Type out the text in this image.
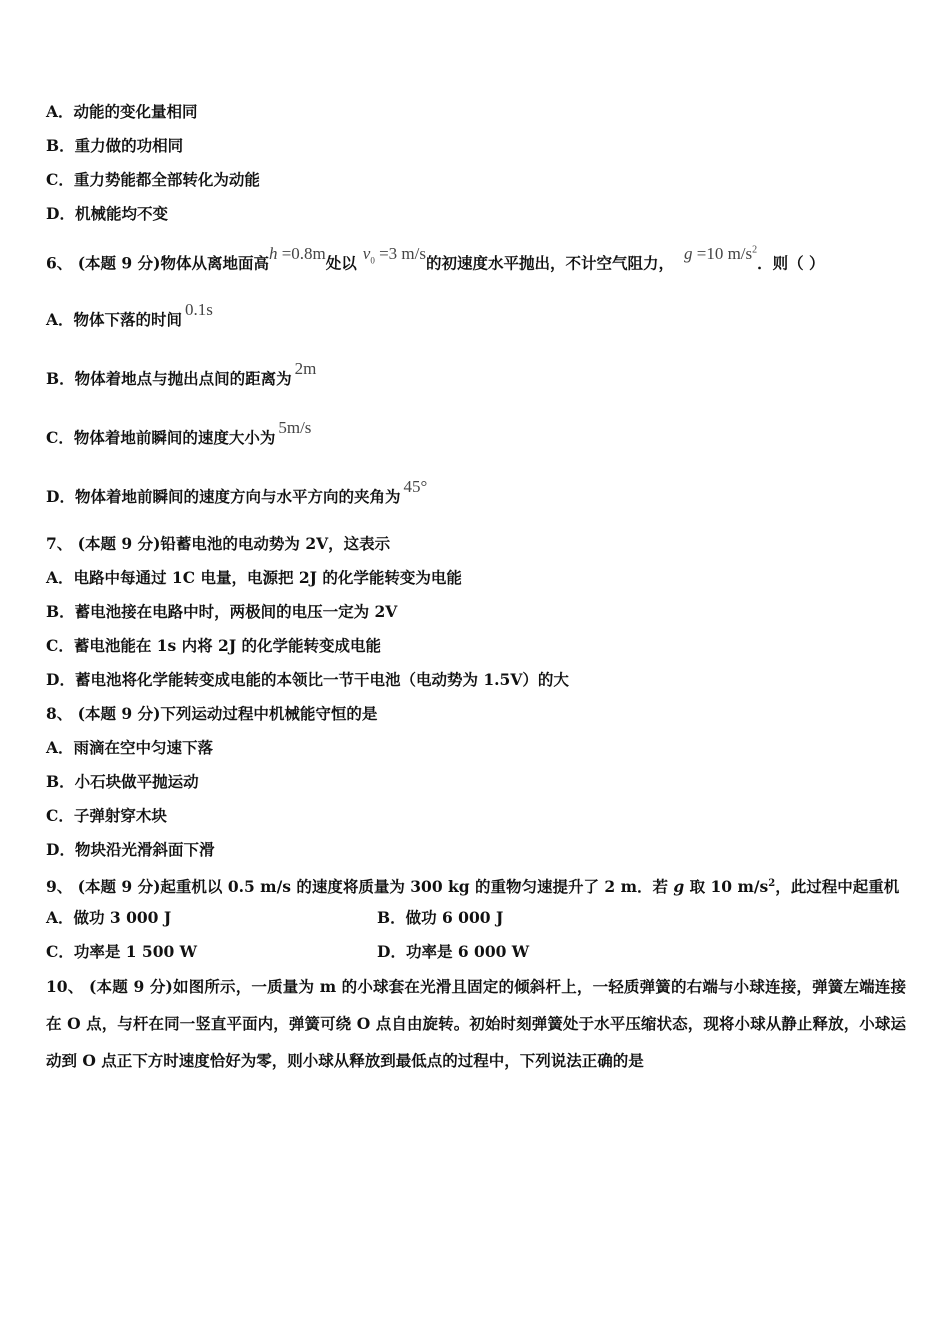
A．动能的变化量相同
B．重力做的功相同
C．重力势能都全部转化为动能
D．机械能均不变
6、 (本题 9 分)物体从离地面高h =0.8m处以$v_0 =3$ m/s的初速度水平抛出，不计空气阻力，g =10 $m/s^2$．则（ ）
A．物体下落的时间0.1s
B．物体着地点与抛出点间的距离为2m
C．物体着地前瞬间的速度大小为5m/s
D．物体着地前瞬间的速度方向与水平方向的夹角为45°
7、 (本题 9 分)铅蓄电池的电动势为 2V，这表示
A．电路中每通过 1C 电量，电源把 2J 的化学能转变为电能
B．蓄电池接在电路中时，两极间的电压一定为 2V
C．蓄电池能在 1s 内将 2J 的化学能转变成电能
D．蓄电池将化学能转变成电能的本领比一节干电池（电动势为 1.5V）的大
8、 (本题 9 分)下列运动过程中机械能守恒的是
A．雨滴在空中匀速下落
B．小石块做平抛运动
C．子弹射穿木块
D．物块沿光滑斜面下滑
9、 (本题 9 分)起重机以 0.5 m/s 的速度将质量为 300 kg 的重物匀速提升了 2 m．若 g 取 10 $m/s^2$，此过程中起重机
A．做功 3 000 J	B．做功 6 000 J
C．功率是 1 500 W	D．功率是 6 000 W
10、 (本题 9 分)如图所示，一质量为 m 的小球套在光滑且固定的倾斜杆上，一轻质弹簧的右端与小球连接，弹簧左端连接在 O 点，与杆在同一竖直平面内，弹簧可绕 O 点自由旋转。初始时刻弹簧处于水平压缩状态，现将小球从静止释放，小球运动到 O 点正下方时速度恰好为零，则小球从释放到最低点的过程中，下列说法正确的是
